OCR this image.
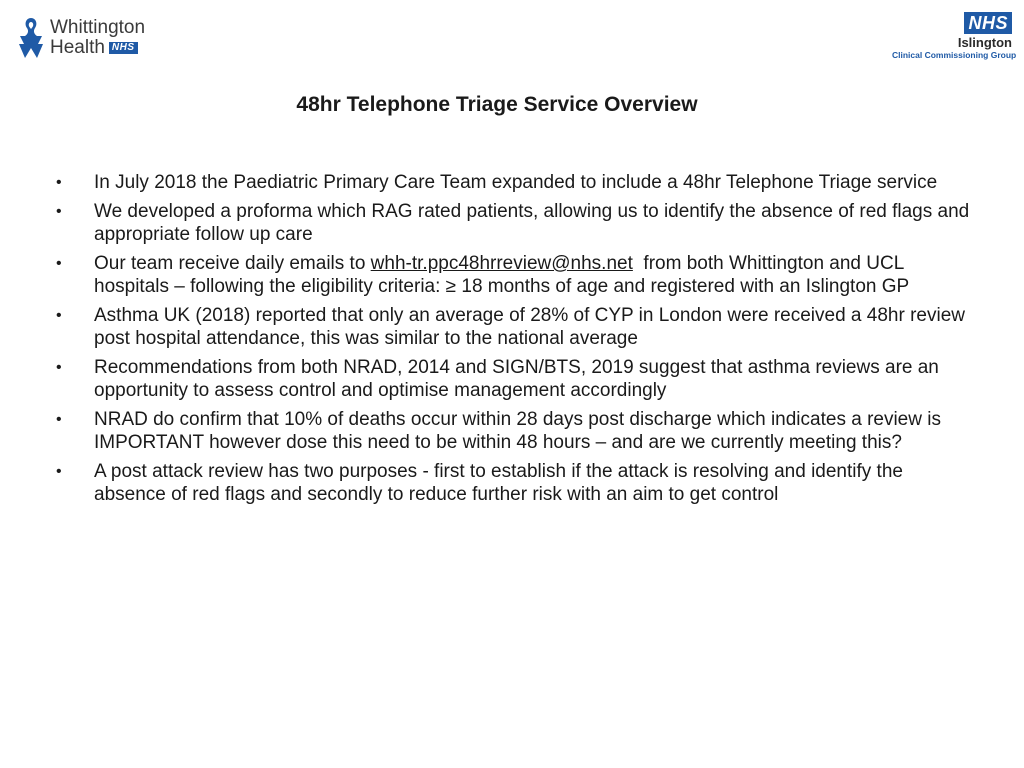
Whittington
Health NHS
NHS
Islington
Clinical Commissioning Group
48hr Telephone Triage Service Overview
• In July 2018 the Paediatric Primary Care Team expanded to include a 48hr Telephone Triage service
• We developed a proforma which RAG rated patients, allowing us to identify the absence of red flags and appropriate follow up care
• Our team receive daily emails to whh-tr.ppc48hrreview@nhs.net  from both Whittington and UCL hospitals – following the eligibility criteria: ≥ 18 months of age and registered with an Islington GP
• Asthma UK (2018) reported that only an average of 28% of CYP in London were received a 48hr review post hospital attendance, this was similar to the national average
• Recommendations from both NRAD, 2014 and SIGN/BTS, 2019 suggest that asthma reviews are an opportunity to assess control and optimise management accordingly
• NRAD do confirm that 10% of deaths occur within 28 days post discharge which indicates a review is IMPORTANT however dose this need to be within 48 hours – and are we currently meeting this?
• A post attack review has two purposes - first to establish if the attack is resolving and identify the absence of red flags and secondly to reduce further risk with an aim to get control
